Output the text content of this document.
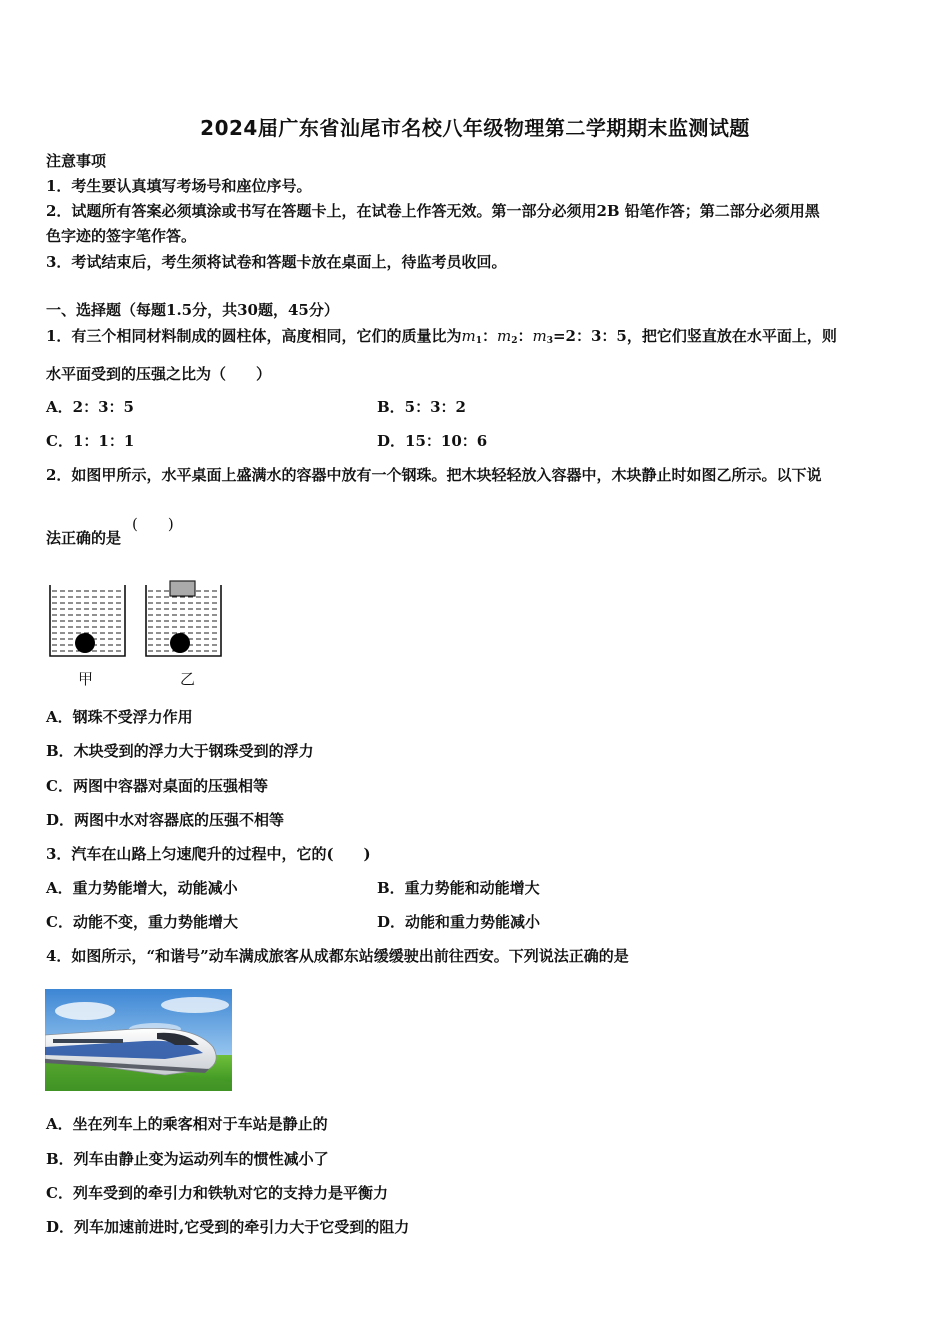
2024届广东省汕尾市名校八年级物理第二学期期末监测试题
注意事项
1．考生要认真填写考场号和座位序号。
2．试题所有答案必须填涂或书写在答题卡上，在试卷上作答无效。第一部分必须用2B 铅笔作答；第二部分必须用黑
色字迹的签字笔作答。
3．考试结束后，考生须将试卷和答题卡放在桌面上，待监考员收回。
一、选择题（每题1.5分，共30题，45分）
1．有三个相同材料制成的圆柱体，高度相同，它们的质量比为$m_1$：$m_2$：$m_3=2$：3：5，把它们竖直放在水平面上，则
水平面受到的压强之比为（　　）
A．2：3：5	B．5：3：2
C．1：1：1	D．15：10：6
2．如图甲所示，水平桌面上盛满水的容器中放有一个钢珠。把木块轻轻放入容器中，木块静止时如图乙所示。以下说
法正确的是
(　　)
甲	乙
A．钢珠不受浮力作用
B．木块受到的浮力大于钢珠受到的浮力
C．两图中容器对桌面的压强相等
D．两图中水对容器底的压强不相等
3．汽车在山路上匀速爬升的过程中，它的(　　)
A．重力势能增大，动能减小	B．重力势能和动能增大
C．动能不变，重力势能增大	D．动能和重力势能减小
4．如图所示，“和谐号”动车满成旅客从成都东站缓缓驶出前往西安。下列说法正确的是
A．坐在列车上的乘客相对于车站是静止的
B．列车由静止变为运动列车的惯性减小了
C．列车受到的牵引力和铁轨对它的支持力是平衡力
D．列车加速前进时,它受到的牵引力大于它受到的阻力
